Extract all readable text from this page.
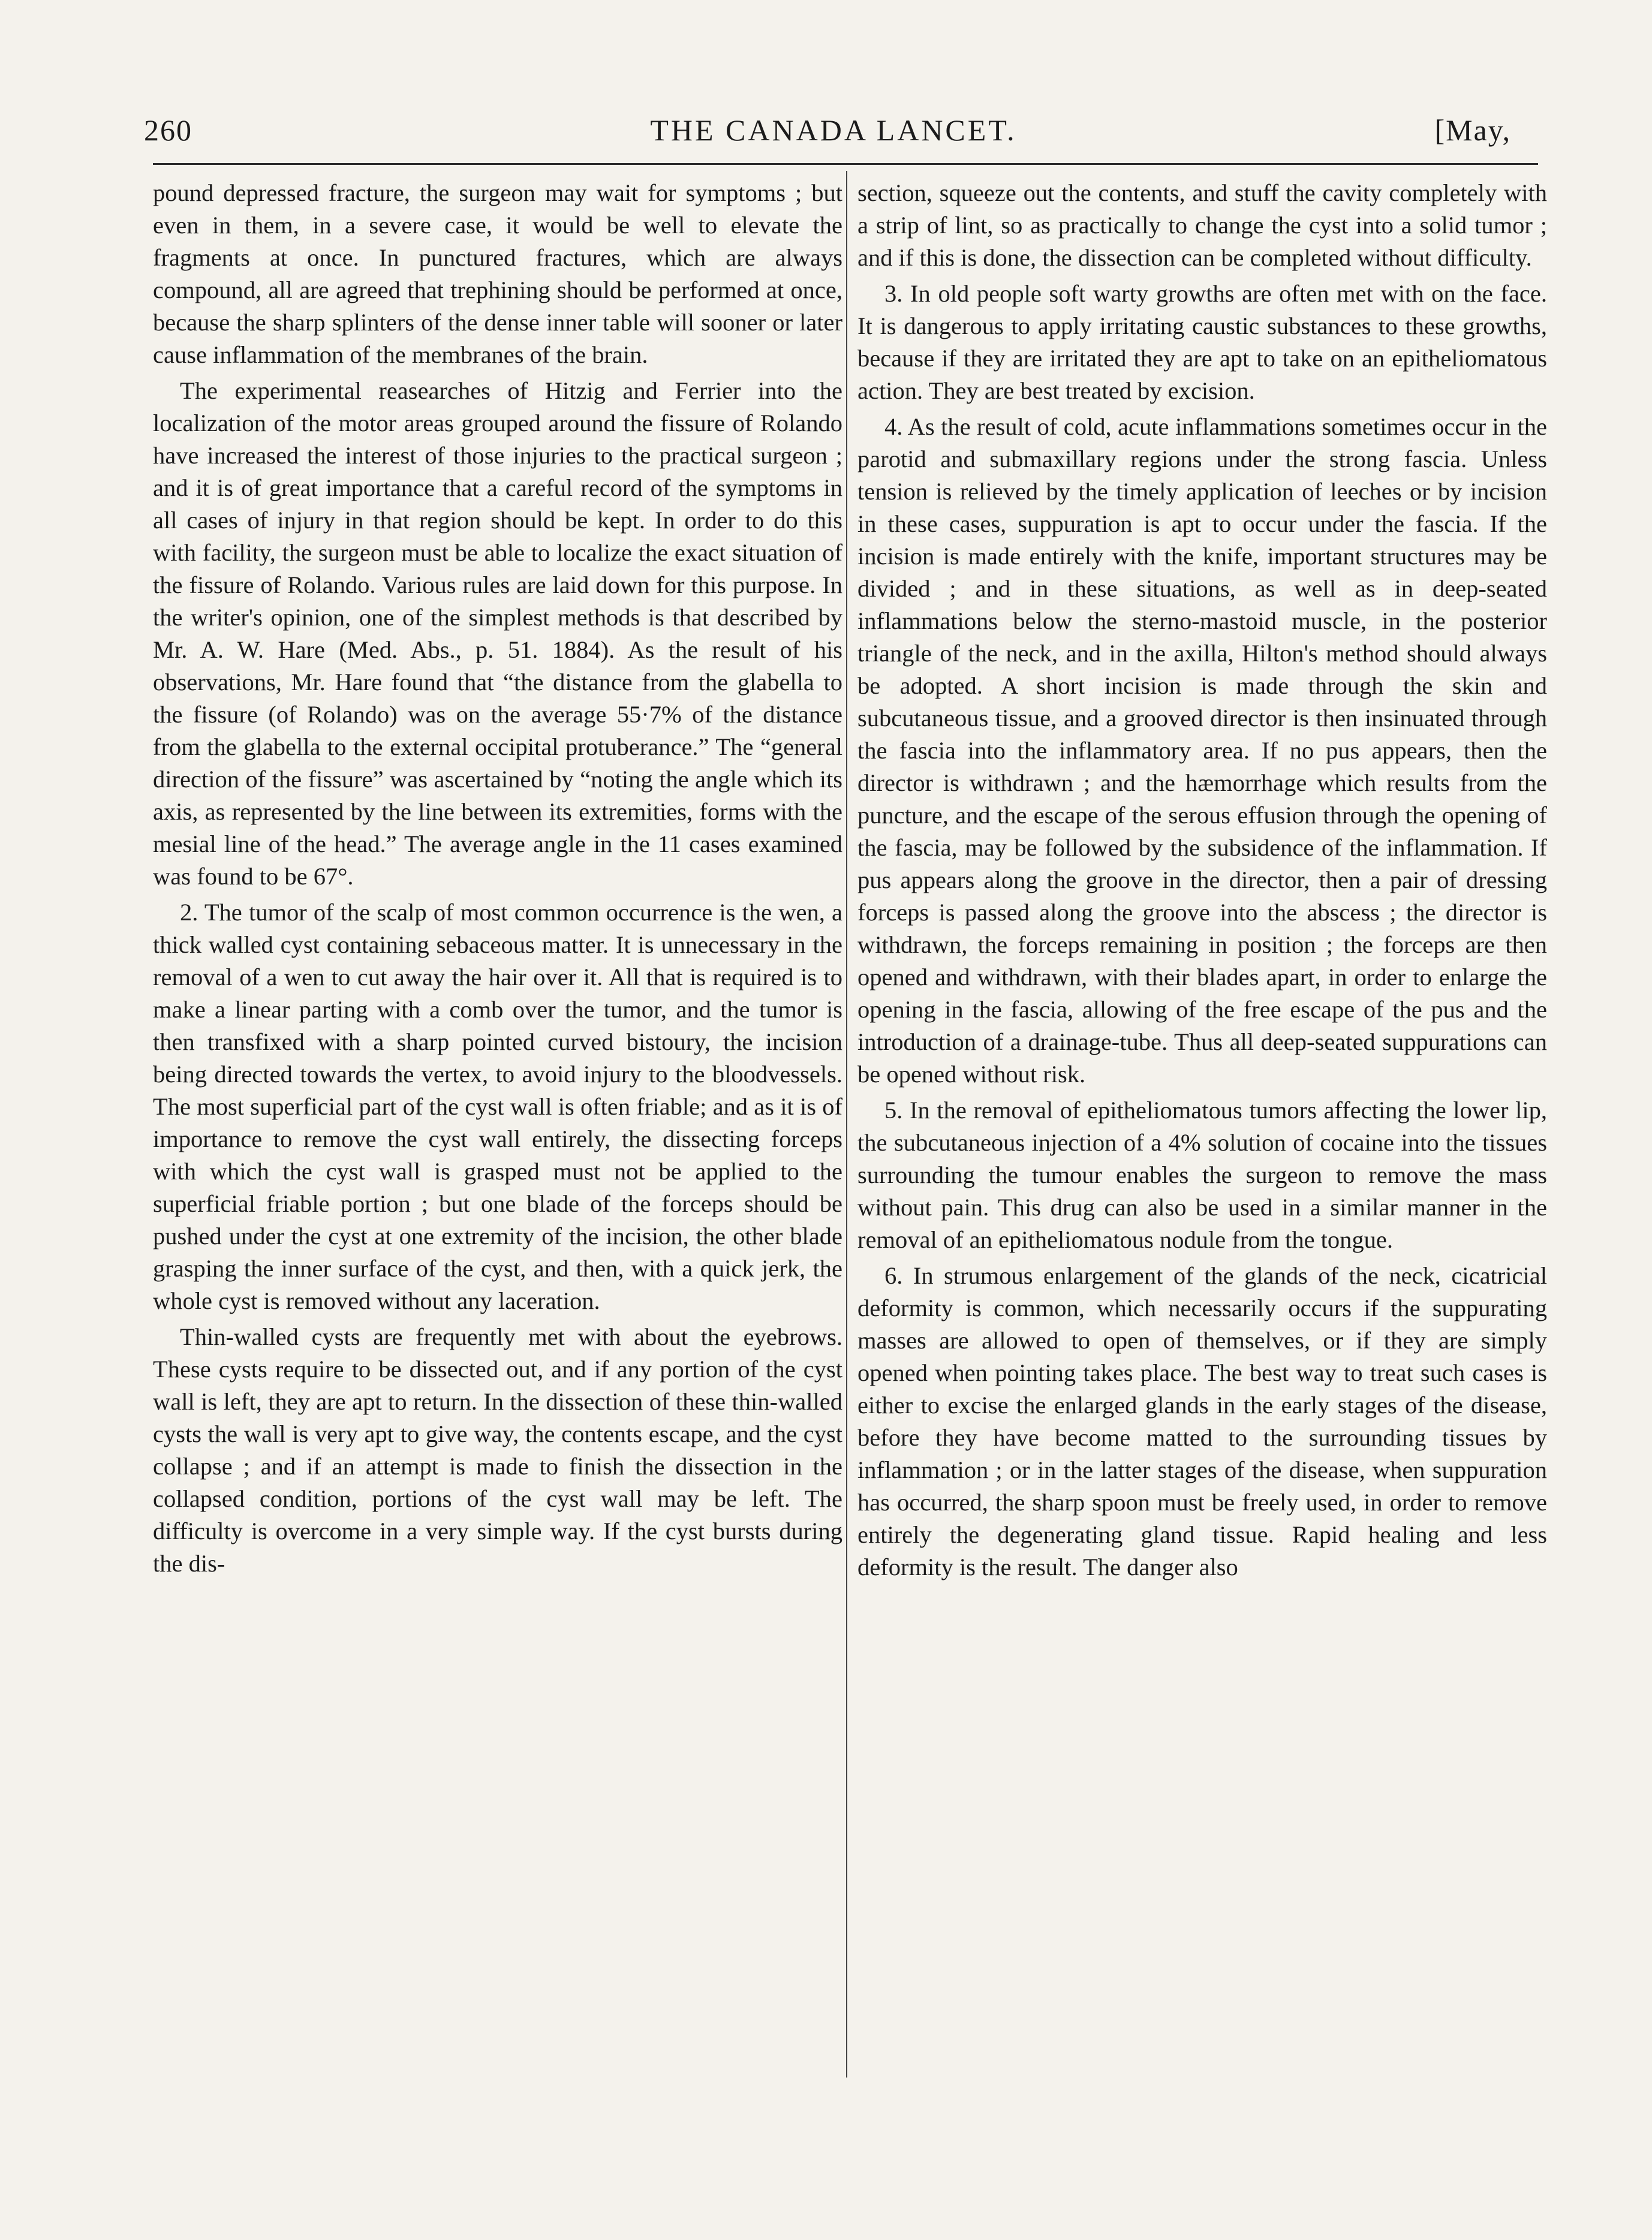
260	THE CANADA LANCET.	[May,

pound depressed fracture, the surgeon may wait for symptoms ; but even in them, in a severe case, it would be well to elevate the fragments at once. In punctured fractures, which are always compound, all are agreed that trephining should be performed at once, because the sharp splinters of the dense inner table will sooner or later cause inflammation of the membranes of the brain.

The experimental reasearches of Hitzig and Ferrier into the localization of the motor areas grouped around the fissure of Rolando have increased the interest of those injuries to the practical surgeon ; and it is of great importance that a careful record of the symptoms in all cases of injury in that region should be kept. In order to do this with facility, the surgeon must be able to localize the exact situation of the fissure of Rolando. Various rules are laid down for this purpose. In the writer's opinion, one of the simplest methods is that described by Mr. A. W. Hare (Med. Abs., p. 51. 1884). As the result of his observations, Mr. Hare found that “the distance from the glabella to the fissure (of Rolando) was on the average 55·7% of the distance from the glabella to the external occipital protuberance.” The “general direction of the fissure” was ascertained by “noting the angle which its axis, as represented by the line between its extremities, forms with the mesial line of the head.” The average angle in the 11 cases examined was found to be 67°.

2. The tumor of the scalp of most common occurrence is the wen, a thick walled cyst containing sebaceous matter. It is unnecessary in the removal of a wen to cut away the hair over it. All that is required is to make a linear parting with a comb over the tumor, and the tumor is then transfixed with a sharp pointed curved bistoury, the incision being directed towards the vertex, to avoid injury to the bloodvessels. The most superficial part of the cyst wall is often friable; and as it is of importance to remove the cyst wall entirely, the dissecting forceps with which the cyst wall is grasped must not be applied to the superficial friable portion ; but one blade of the forceps should be pushed under the cyst at one extremity of the incision, the other blade grasping the inner surface of the cyst, and then, with a quick jerk, the whole cyst is removed without any laceration.

Thin-walled cysts are frequently met with about the eyebrows. These cysts require to be dissected out, and if any portion of the cyst wall is left, they are apt to return. In the dissection of these thin-walled cysts the wall is very apt to give way, the contents escape, and the cyst collapse ; and if an attempt is made to finish the dissection in the collapsed condition, portions of the cyst wall may be left. The difficulty is overcome in a very simple way. If the cyst bursts during the dis-

section, squeeze out the contents, and stuff the cavity completely with a strip of lint, so as practically to change the cyst into a solid tumor ; and if this is done, the dissection can be completed without difficulty.

3. In old people soft warty growths are often met with on the face. It is dangerous to apply irritating caustic substances to these growths, because if they are irritated they are apt to take on an epitheliomatous action. They are best treated by excision.

4. As the result of cold, acute inflammations sometimes occur in the parotid and submaxillary regions under the strong fascia. Unless tension is relieved by the timely application of leeches or by incision in these cases, suppuration is apt to occur under the fascia. If the incision is made entirely with the knife, important structures may be divided ; and in these situations, as well as in deep-seated inflammations below the sterno-mastoid muscle, in the posterior triangle of the neck, and in the axilla, Hilton's method should always be adopted. A short incision is made through the skin and subcutaneous tissue, and a grooved director is then insinuated through the fascia into the inflammatory area. If no pus appears, then the director is withdrawn ; and the hæmorrhage which results from the puncture, and the escape of the serous effusion through the opening of the fascia, may be followed by the subsidence of the inflammation. If pus appears along the groove in the director, then a pair of dressing forceps is passed along the groove into the abscess ; the director is withdrawn, the forceps remaining in position ; the forceps are then opened and withdrawn, with their blades apart, in order to enlarge the opening in the fascia, allowing of the free escape of the pus and the introduction of a drainage-tube. Thus all deep-seated suppurations can be opened without risk.

5. In the removal of epitheliomatous tumors affecting the lower lip, the subcutaneous injection of a 4% solution of cocaine into the tissues surrounding the tumour enables the surgeon to remove the mass without pain. This drug can also be used in a similar manner in the removal of an epitheliomatous nodule from the tongue.

6. In strumous enlargement of the glands of the neck, cicatricial deformity is common, which necessarily occurs if the suppurating masses are allowed to open of themselves, or if they are simply opened when pointing takes place. The best way to treat such cases is either to excise the enlarged glands in the early stages of the disease, before they have become matted to the surrounding tissues by inflammation ; or in the latter stages of the disease, when suppuration has occurred, the sharp spoon must be freely used, in order to remove entirely the degenerating gland tissue. Rapid healing and less deformity is the result. The danger also
